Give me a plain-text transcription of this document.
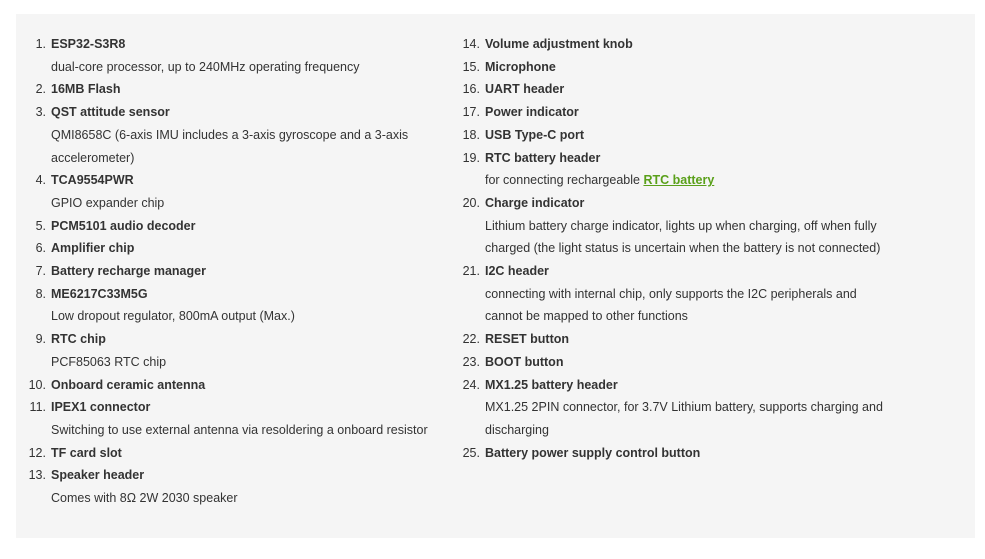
1. ESP32-S3R8
dual-core processor, up to 240MHz operating frequency
2. 16MB Flash
3. QST attitude sensor
QMI8658C (6-axis IMU includes a 3-axis gyroscope and a 3-axis
accelerometer)
4. TCA9554PWR
GPIO expander chip
5. PCM5101 audio decoder
6. Amplifier chip
7. Battery recharge manager
8. ME6217C33M5G
Low dropout regulator, 800mA output (Max.)
9. RTC chip
PCF85063 RTC chip
10. Onboard ceramic antenna
11. IPEX1 connector
Switching to use external antenna via resoldering a onboard resistor
12. TF card slot
13. Speaker header
Comes with 8Ω 2W 2030 speaker
14. Volume adjustment knob
15. Microphone
16. UART header
17. Power indicator
18. USB Type-C port
19. RTC battery header
for connecting rechargeable RTC battery
20. Charge indicator
Lithium battery charge indicator, lights up when charging, off when fully
charged (the light status is uncertain when the battery is not connected)
21. I2C header
connecting with internal chip, only supports the I2C peripherals and
cannot be mapped to other functions
22. RESET button
23. BOOT button
24. MX1.25 battery header
MX1.25 2PIN connector, for 3.7V Lithium battery, supports charging and
discharging
25. Battery power supply control button
